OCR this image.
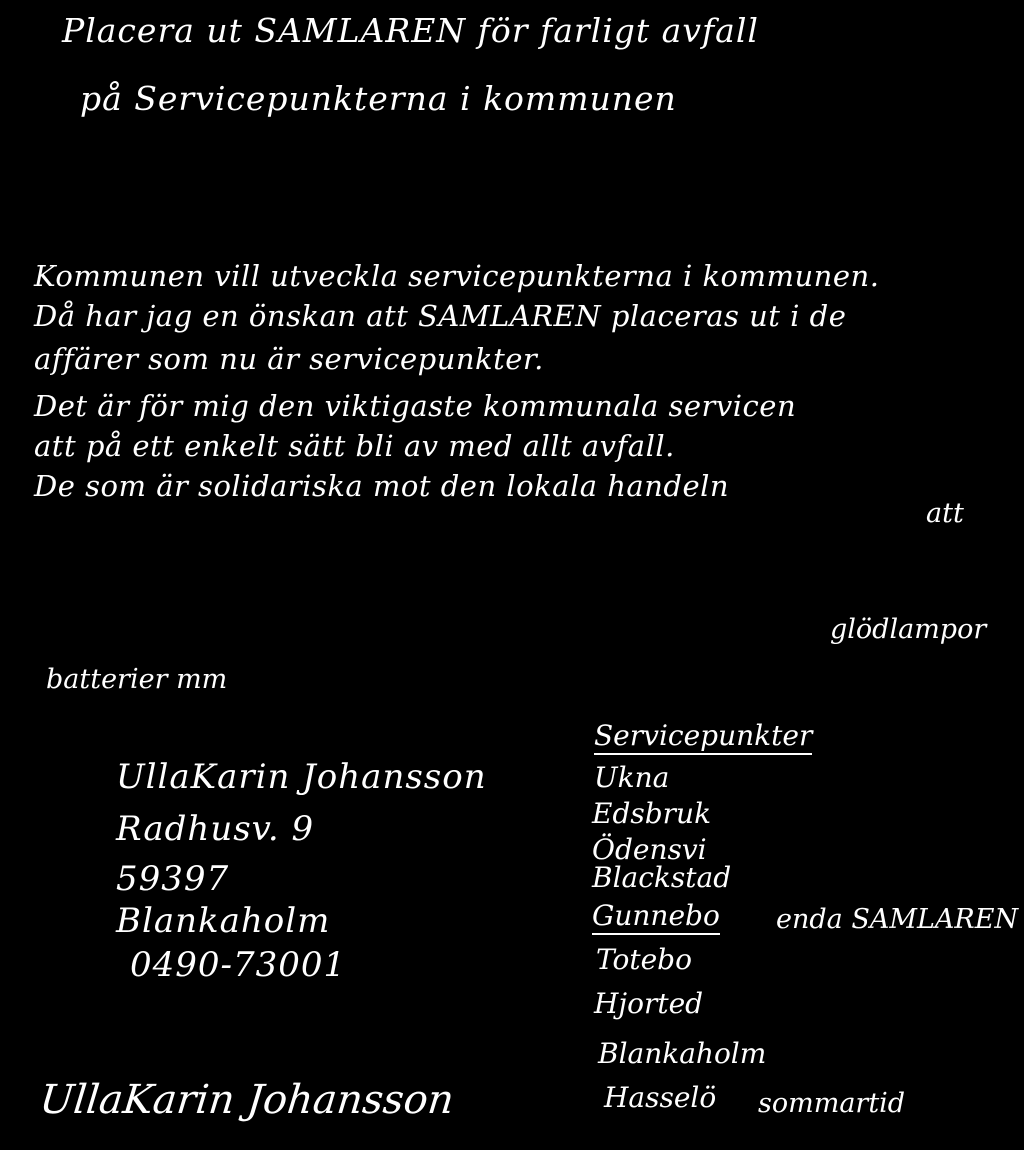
Placera ut SAMLAREN för farligt avfall
på Servicepunkterna i kommunen
Kommunen vill utveckla servicepunkterna i kommunen.
Då har jag en önskan att SAMLAREN placeras ut i de
affärer som nu är servicepunkter.
Det är för mig den viktigaste kommunala servicen
att på ett enkelt sätt bli av med allt avfall.
De som är solidariska mot den lokala handeln
att
glödlampor
batterier mm
UllaKarin Johansson
Radhusv. 9
59397
Blankaholm
0490-73001
UllaKarin Johansson
Servicepunkter
Ukna
Edsbruk
Ödensvi
Blackstad
Gunnebo enda SAMLAREN
Totebo
Hjorted
Blankaholm
Hasselö sommartid
